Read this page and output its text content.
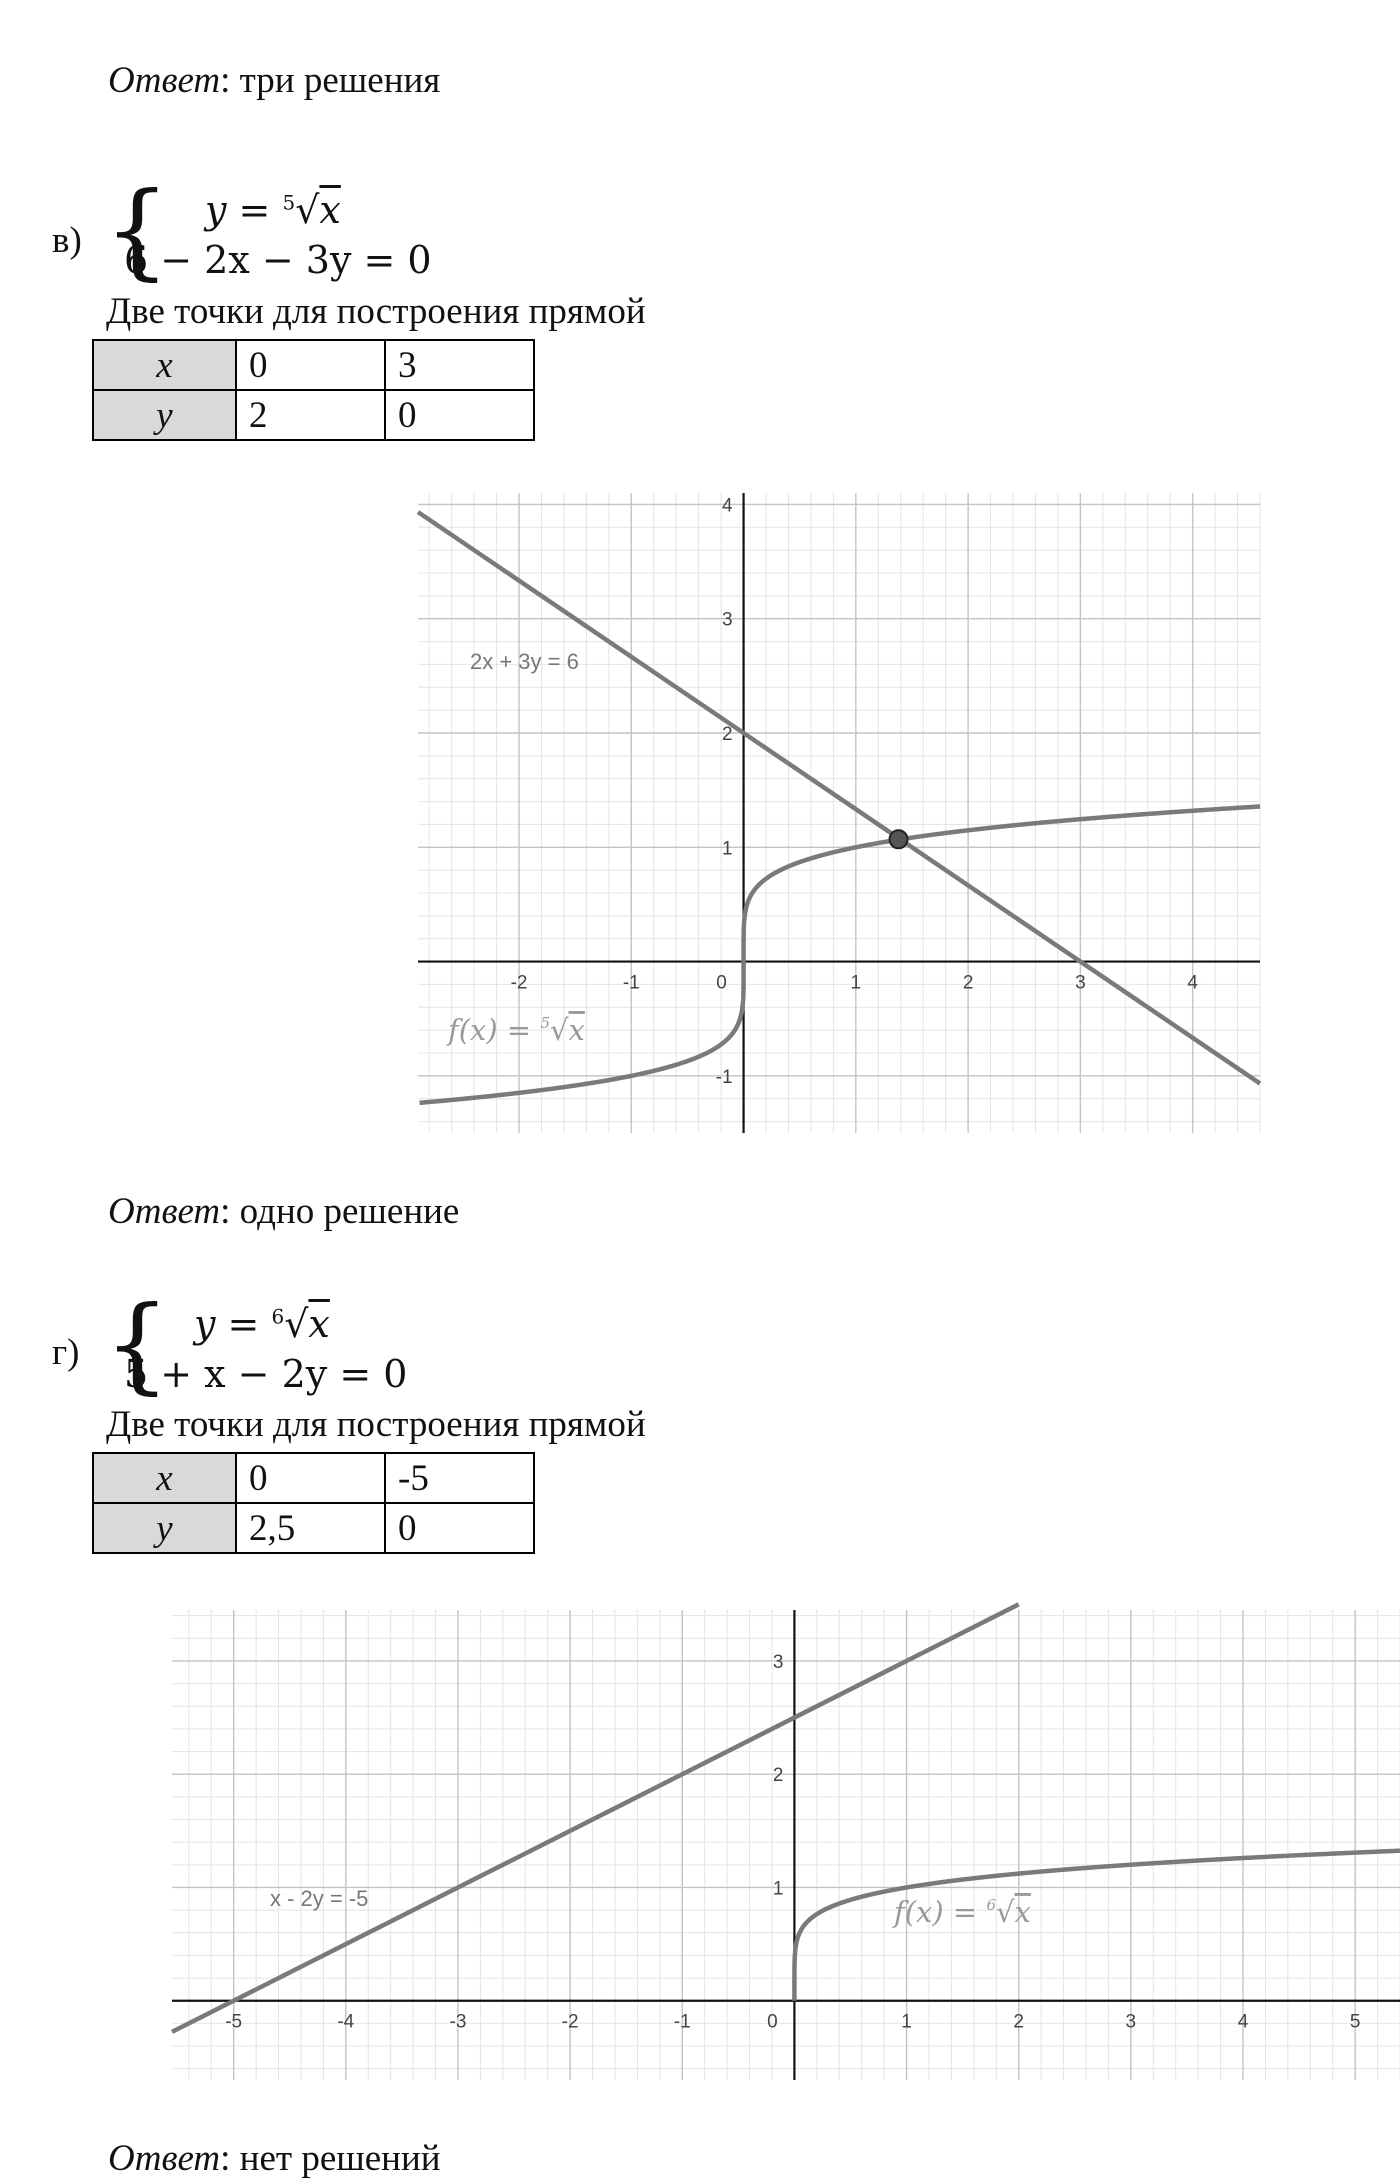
Ответ: три решения
в) { y = $^5$√x
6 − 2x − 3y = 0
Две точки для построения прямой
x	0	3
y	2	0
-2	-1	0	1	2	3	4
-1
1
2
3
4
2x + 3y = 6
f(x) = $^5$√x
Ответ: одно решение
г) { y = $^6$√x
5 + x − 2y = 0
Две точки для построения прямой
x	0	-5
y	2,5	0
-5	-4	-3	-2	-1	0	1	2	3	4	5
1
2
3
x - 2y = -5	f(x) = $^6$√x
Ответ: нет решений
